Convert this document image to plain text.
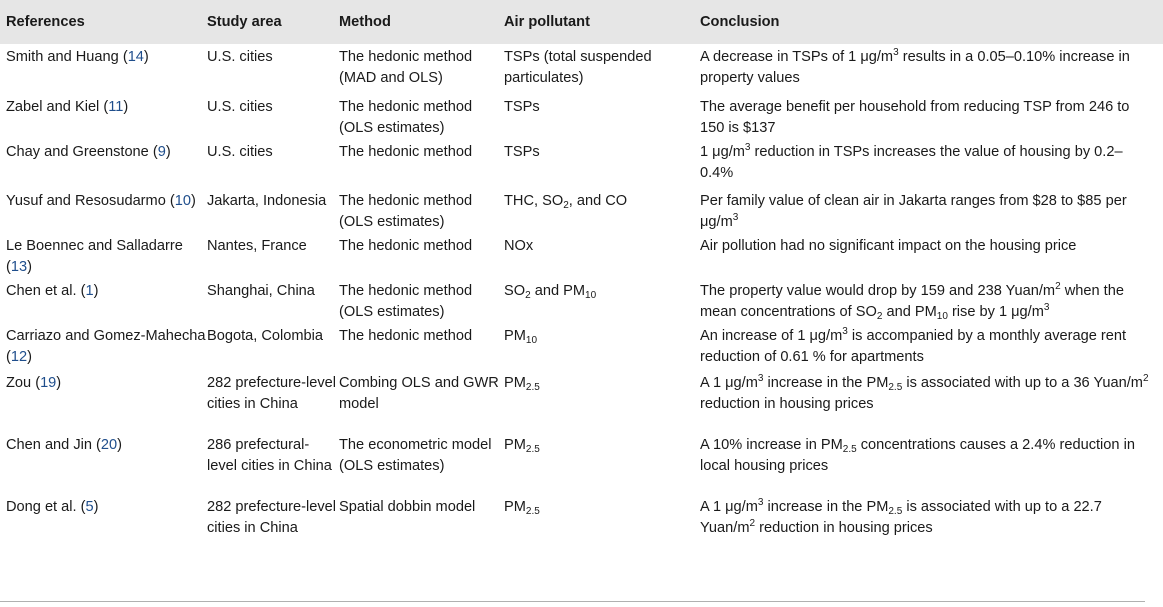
References	Study area	Method	Air pollutant	Conclusion
Smith and Huang (14)	U.S. cities	The hedonic method (MAD and OLS)	TSPs (total suspended particulates)	A decrease in TSPs of 1 $\mu g/m^3$ results in a 0.05–0.10% increase in property values
Zabel and Kiel (11)	U.S. cities	The hedonic method (OLS estimates)	TSPs	The average benefit per household from reducing TSP from 246 to 150 is $137
Chay and Greenstone (9)	U.S. cities	The hedonic method	TSPs	1 $\mu g/m^3$ reduction in TSPs increases the value of housing by 0.2–0.4%
Yusuf and Resosudarmo (10)	Jakarta, Indonesia	The hedonic method (OLS estimates)	THC, $SO_2$, and CO	Per family value of clean air in Jakarta ranges from $28 to $85 per $\mu g/m^3$
Le Boennec and Salladarre (13)	Nantes, France	The hedonic method	NOx	Air pollution had no significant impact on the housing price
Chen et al. (1)	Shanghai, China	The hedonic method (OLS estimates)	$SO_2$ and $PM_{10}$	The property value would drop by 159 and 238 Yuan/$m^2$ when the mean concentrations of $SO_2$ and $PM_{10}$ rise by 1 $\mu g/m^3$
Carriazo and Gomez-Mahecha (12)	Bogota, Colombia	The hedonic method	$PM_{10}$	An increase of 1 $\mu g/m^3$ is accompanied by a monthly average rent reduction of 0.61 % for apartments
Zou (19)	282 prefecture-level cities in China	Combing OLS and GWR model	$PM_{2.5}$	A 1 $\mu g/m^3$ increase in the $PM_{2.5}$ is associated with up to a 36 Yuan/$m^2$ reduction in housing prices
Chen and Jin (20)	286 prefectural-level cities in China	The econometric model (OLS estimates)	$PM_{2.5}$	A 10% increase in $PM_{2.5}$ concentrations causes a 2.4% reduction in local housing prices
Dong et al. (5)	282 prefecture-level cities in China	Spatial dobbin model	$PM_{2.5}$	A 1 $\mu g/m^3$ increase in the $PM_{2.5}$ is associated with up to a 22.7 Yuan/$m^2$ reduction in housing prices
